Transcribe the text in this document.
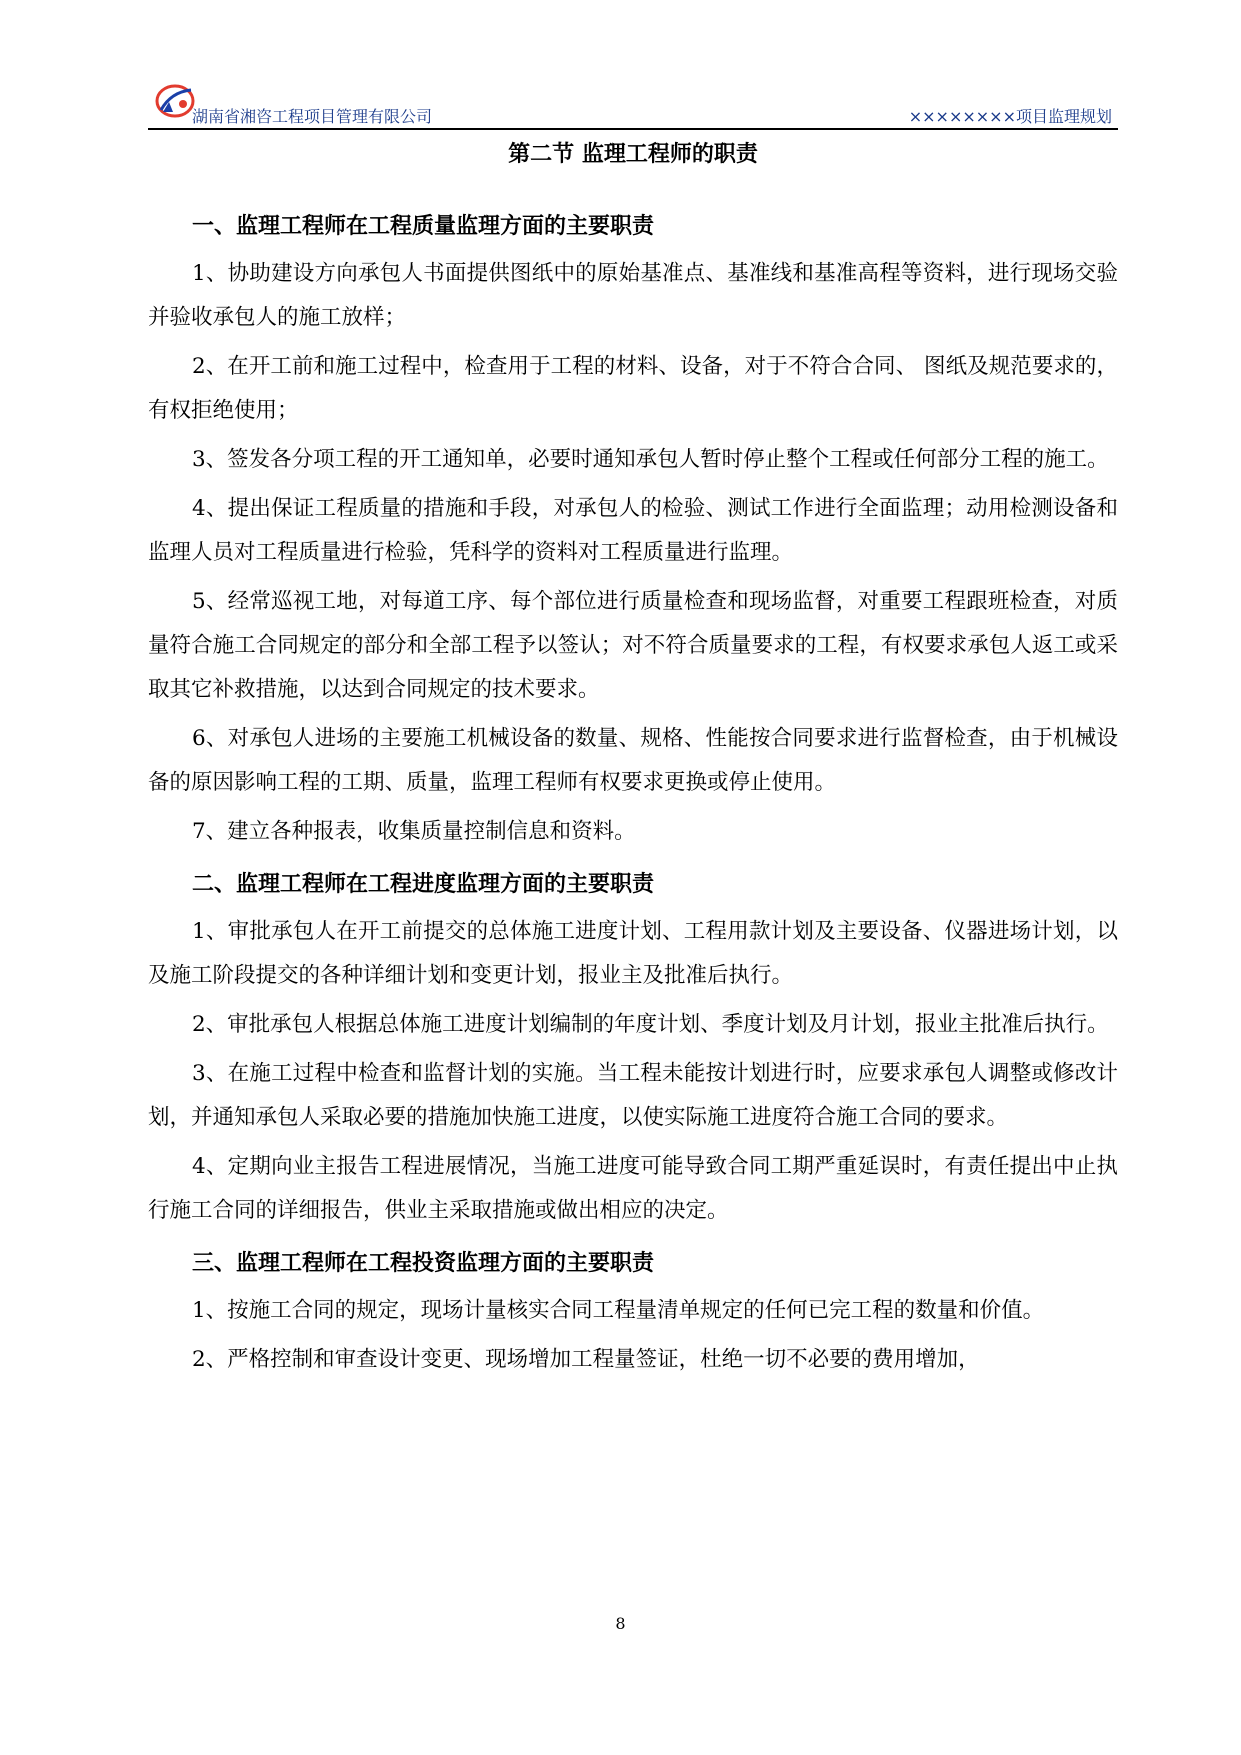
湖南省湘咨工程项目管理有限公司	××××××××项目监理规划
第二节 监理工程师的职责
一、监理工程师在工程质量监理方面的主要职责

1、协助建设方向承包人书面提供图纸中的原始基准点、基准线和基准高程等资料，进行现场交验并验收承包人的施工放样；

2、在开工前和施工过程中，检查用于工程的材料、设备，对于不符合合同、 图纸及规范要求的，有权拒绝使用；

3、签发各分项工程的开工通知单，必要时通知承包人暂时停止整个工程或任何部分工程的施工。

4、提出保证工程质量的措施和手段，对承包人的检验、测试工作进行全面监理；动用检测设备和监理人员对工程质量进行检验，凭科学的资料对工程质量进行监理。

5、经常巡视工地，对每道工序、每个部位进行质量检查和现场监督，对重要工程跟班检查，对质量符合施工合同规定的部分和全部工程予以签认；对不符合质量要求的工程，有权要求承包人返工或采取其它补救措施，以达到合同规定的技术要求。

6、对承包人进场的主要施工机械设备的数量、规格、性能按合同要求进行监督检查，由于机械设备的原因影响工程的工期、质量，监理工程师有权要求更换或停止使用。

7、建立各种报表，收集质量控制信息和资料。

二、监理工程师在工程进度监理方面的主要职责

1、审批承包人在开工前提交的总体施工进度计划、工程用款计划及主要设备、仪器进场计划，以及施工阶段提交的各种详细计划和变更计划，报业主及批准后执行。

2、审批承包人根据总体施工进度计划编制的年度计划、季度计划及月计划，报业主批准后执行。

3、在施工过程中检查和监督计划的实施。当工程未能按计划进行时，应要求承包人调整或修改计划，并通知承包人采取必要的措施加快施工进度，以使实际施工进度符合施工合同的要求。

4、定期向业主报告工程进展情况，当施工进度可能导致合同工期严重延误时，有责任提出中止执行施工合同的详细报告，供业主采取措施或做出相应的决定。

三、监理工程师在工程投资监理方面的主要职责

1、按施工合同的规定，现场计量核实合同工程量清单规定的任何已完工程的数量和价值。

2、严格控制和审查设计变更、现场增加工程量签证，杜绝一切不必要的费用增加，

8
